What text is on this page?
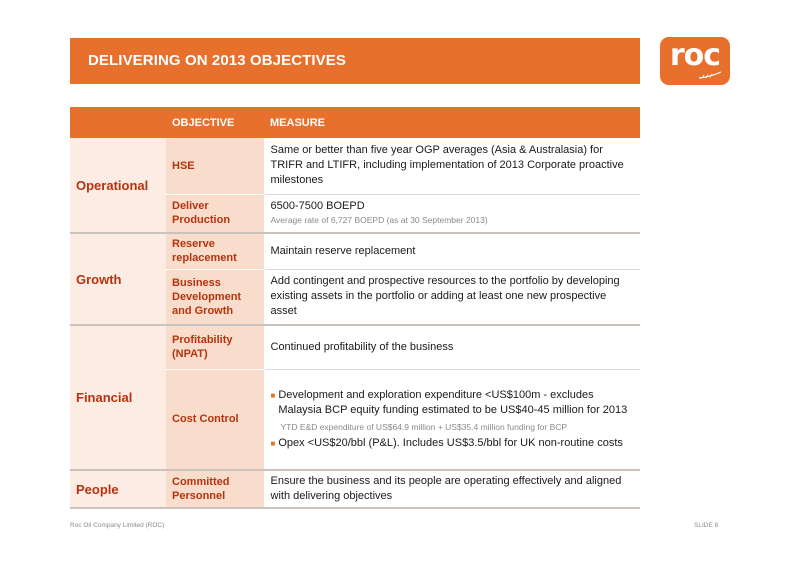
DELIVERING ON 2013 OBJECTIVES	roc
	OBJECTIVE	MEASURE
Operational	HSE	Same or better than five year OGP averages (Asia & Australasia) for TRIFR and LTIFR, including implementation of 2013 Corporate proactive milestones
	Deliver Production	6500-7500 BOEPD
Average rate of 6,727 BOEPD (as at 30 September 2013)

Growth	Reserve replacement	Maintain reserve replacement
	Business Development and Growth	Add contingent and prospective resources to the portfolio by developing existing assets in the portfolio or adding at least one new prospective asset
Financial	Profitability (NPAT)	Continued profitability of the business
	Cost Control	■ Development and exploration expenditure <US$100m - excludes Malaysia BCP equity funding estimated to be US$40-45 million for 2013
YTD E&D expenditure of US$64.9 million + US$35.4 million funding for BCP
■ Opex <US$20/bbl (P&L). Includes US$3.5/bbl for UK non-routine costs

People	Committed Personnel	Ensure the business and its people are operating effectively and aligned with delivering objectives
Roc Oil Company Limited (ROC)	SLIDE 8
